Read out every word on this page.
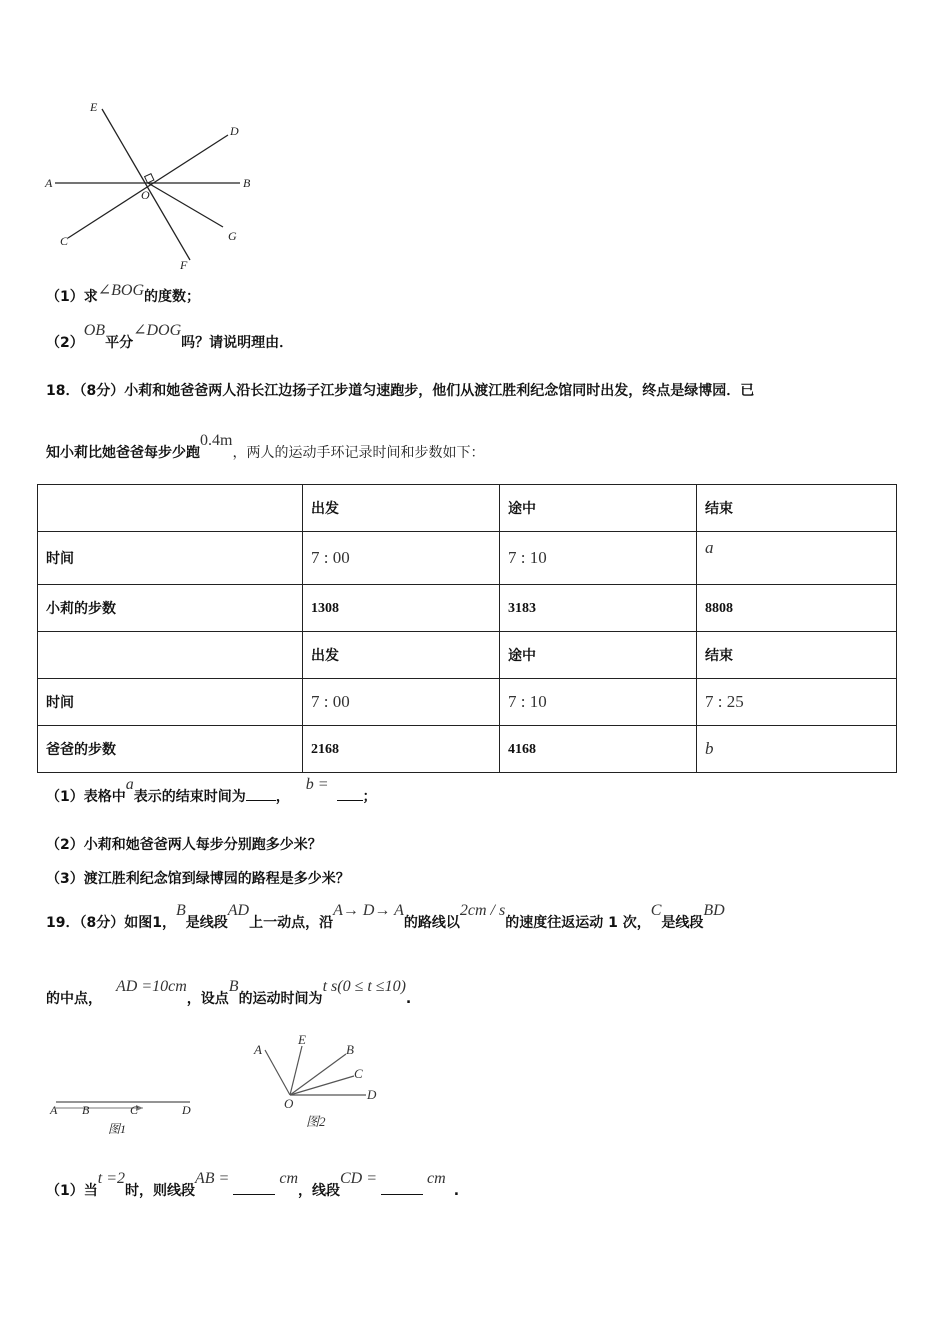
E
D
A	B
O
C	G
F
（1）求∠BOG的度数；
（2）OB平分∠DOG吗？请说明理由．
18．（8分）小莉和她爸爸两人沿长江边扬子江步道匀速跑步，他们从渡江胜利纪念馆同时出发，终点是绿博园．已
知小莉比她爸爸每步少跑0.4m，两人的运动手环记录时间和步数如下：
	出发	途中	结束
时间	7 : 00	7 : 10	a
小莉的步数	1308	3183	8808
	出发	途中	结束
时间	7 : 00	7 : 10	7 : 25
爸爸的步数	2168	4168	b
（1）表格中a表示的结束时间为 ，b =；
（2）小莉和她爸爸两人每步分别跑多少米？
（3）渡江胜利纪念馆到绿博园的路程是多少米？
19．（8分）如图1，B是线段AD上一动点，沿A→ D→ A的路线以2cm / s的速度往返运动 1 次，C是线段BD
的中点，AD =10cm，设点B的运动时间为t s(0 ≤ t ≤10).
A B	C	D
图1
A
E
B
C
D
O
图2
（1）当t =2时，则线段AB =	cm，线段CD =	cm.
